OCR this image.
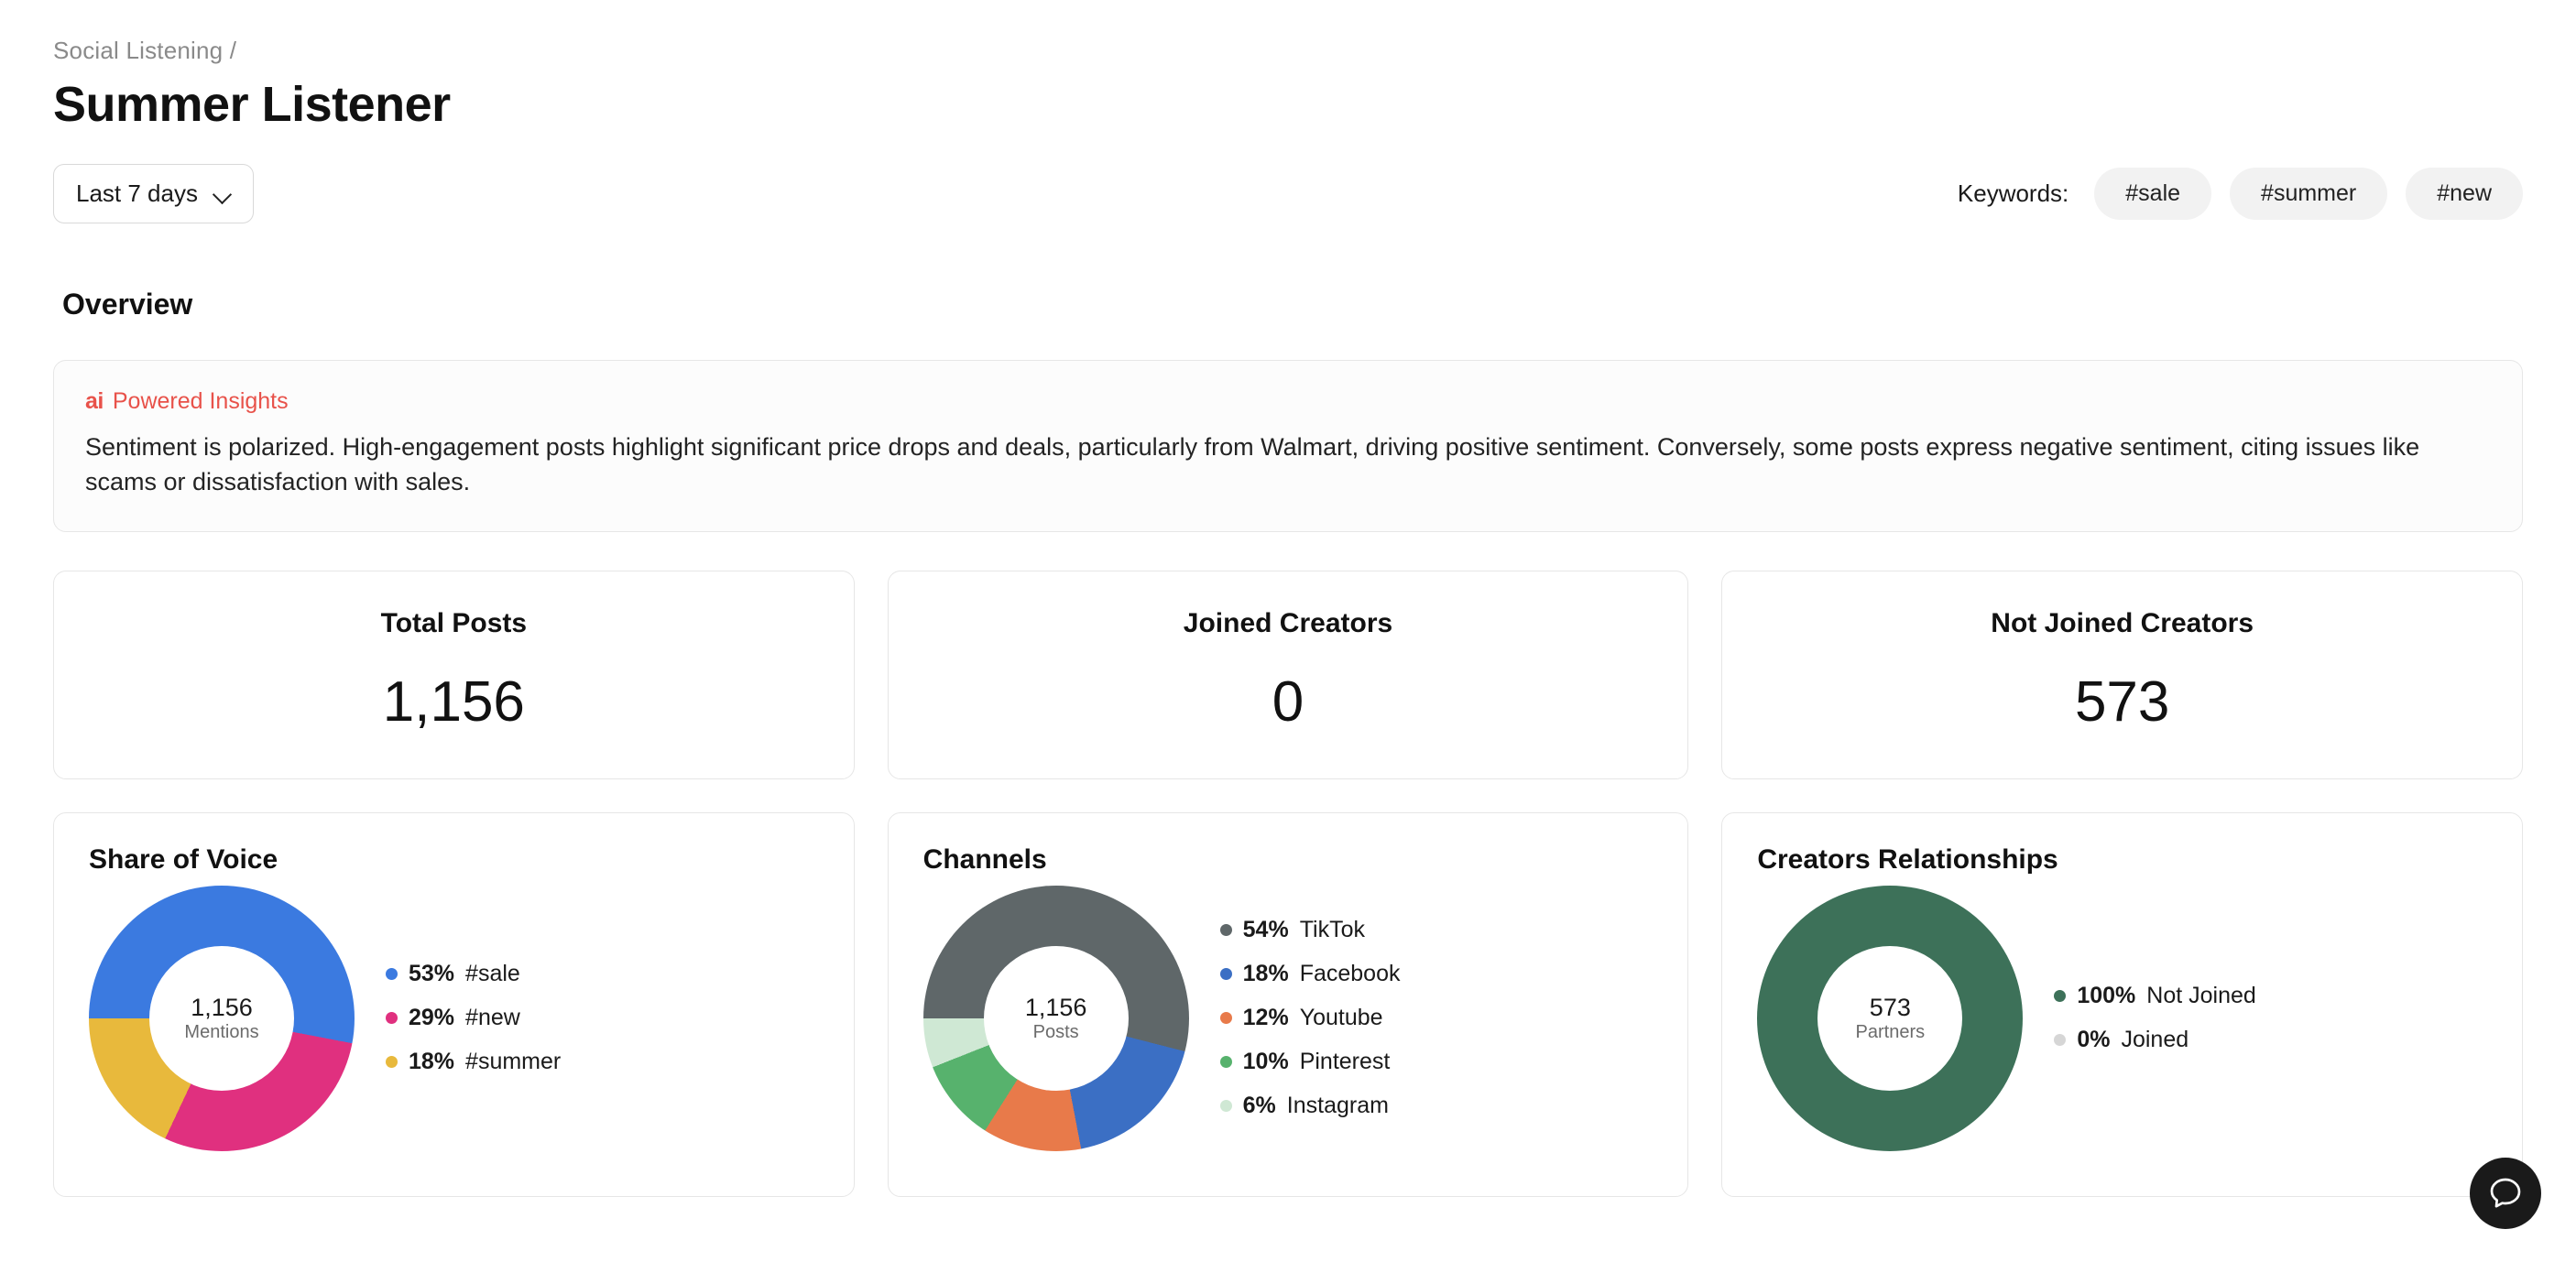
Social Listening /
Summer Listener
Last 7 days	Keywords:	#sale	#summer	#new
Overview
ai Powered Insights
Sentiment is polarized. High-engagement posts highlight significant price drops and deals, particularly from Walmart, driving positive sentiment. Conversely, some posts express negative sentiment, citing issues like scams or dissatisfaction with sales.
Total Posts
1,156
Joined Creators
0
Not Joined Creators
573
Share of Voice
1,156
Mentions
53% #sale
29% #new
18% #summer
Channels
1,156
Posts
54% TikTok
18% Facebook
12% Youtube
10% Pinterest
6% Instagram
Creators Relationships
573
Partners
100% Not Joined
0% Joined
